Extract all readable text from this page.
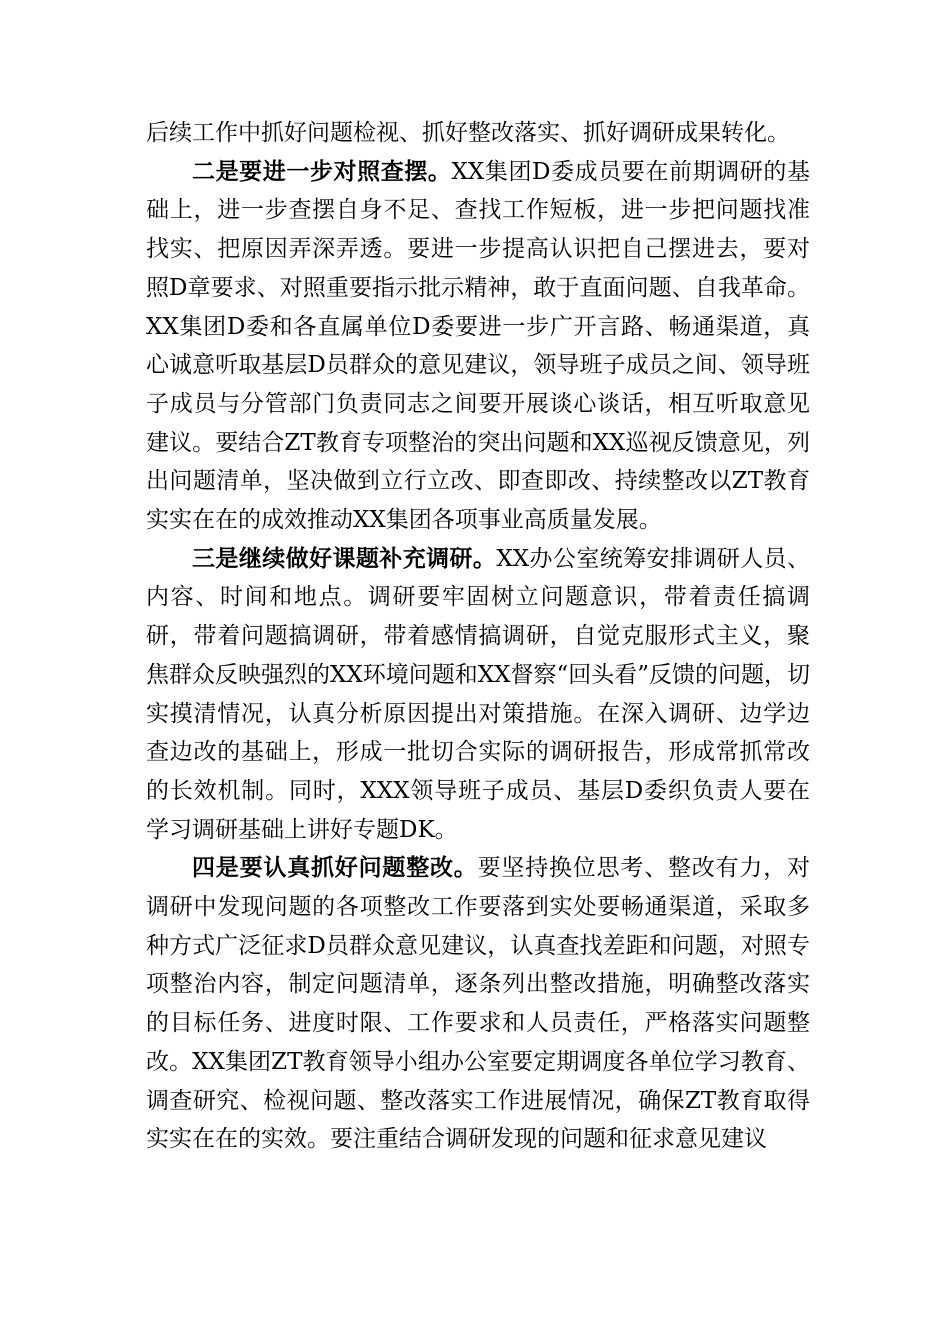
后续工作中抓好问题检视、抓好整改落实、抓好调研成果转化。

二是要进一步对照查摆。XX集团D委成员要在前期调研的基础上，进一步查摆自身不足、查找工作短板，进一步把问题找准找实、把原因弄深弄透。要进一步提高认识把自己摆进去，要对照D章要求、对照重要指示批示精神，敢于直面问题、自我革命。XX集团D委和各直属单位D委要进一步广开言路、畅通渠道，真心诚意听取基层D员群众的意见建议，领导班子成员之间、领导班子成员与分管部门负责同志之间要开展谈心谈话，相互听取意见建议。要结合ZT教育专项整治的突出问题和XX巡视反馈意见，列出问题清单，坚决做到立行立改、即查即改、持续整改以ZT教育实实在在的成效推动XX集团各项事业高质量发展。

三是继续做好课题补充调研。XX办公室统筹安排调研人员、内容、时间和地点。调研要牢固树立问题意识，带着责任搞调研，带着问题搞调研，带着感情搞调研，自觉克服形式主义，聚焦群众反映强烈的XX环境问题和XX督察“回头看”反馈的问题，切实摸清情况，认真分析原因提出对策措施。在深入调研、边学边查边改的基础上，形成一批切合实际的调研报告，形成常抓常改的长效机制。同时，XXX领导班子成员、基层D委织负责人要在学习调研基础上讲好专题DK。

四是要认真抓好问题整改。要坚持换位思考、整改有力，对调研中发现问题的各项整改工作要落到实处要畅通渠道，采取多种方式广泛征求D员群众意见建议，认真查找差距和问题，对照专项整治内容，制定问题清单，逐条列出整改措施，明确整改落实的目标任务、进度时限、工作要求和人员责任，严格落实问题整改。XX集团ZT教育领导小组办公室要定期调度各单位学习教育、调查研究、检视问题、整改落实工作进展情况，确保ZT教育取得实实在在的实效。要注重结合调研发现的问题和征求意见建议
